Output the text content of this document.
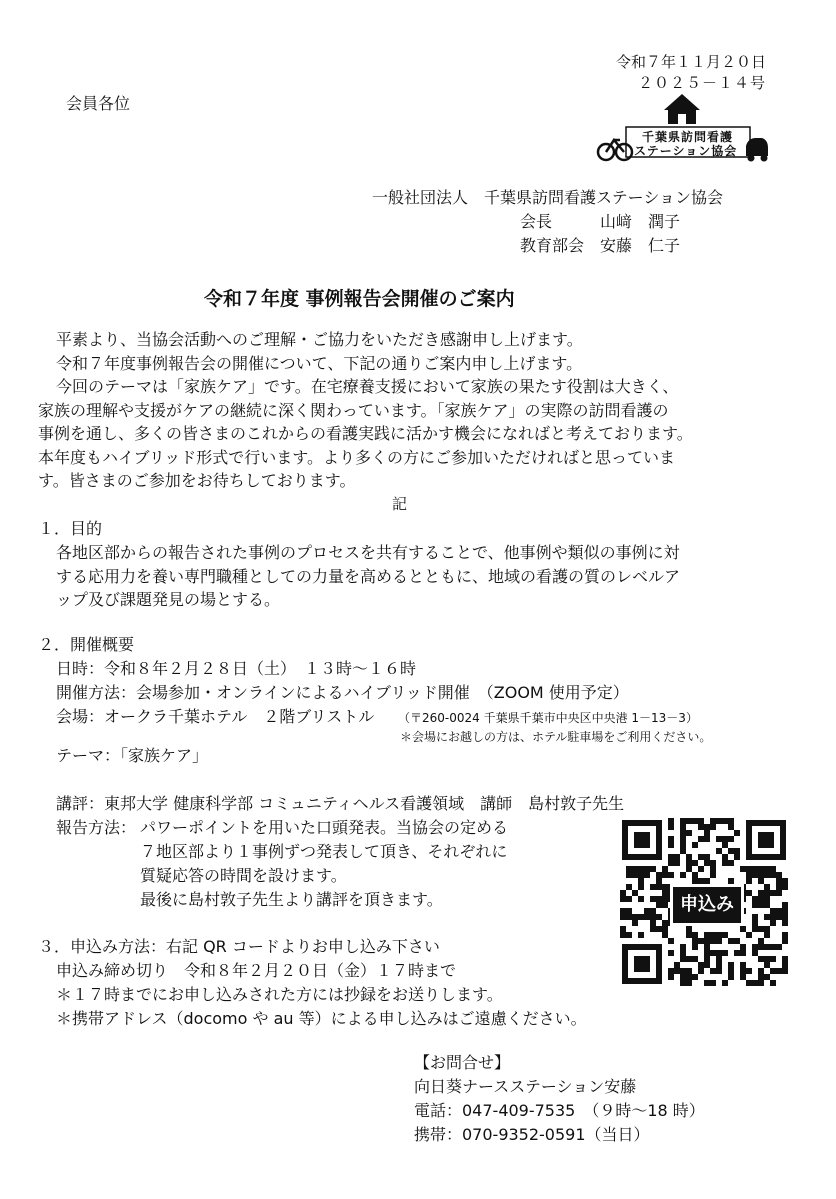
令和７年１１月２０日
２０２５－１４号
会員各位
千葉県訪問看護
ステーション協会
一般社団法人　千葉県訪問看護ステーション協会
会長	山﨑　潤子
教育部会 安藤　仁子
令和７年度 事例報告会開催のご案内
平素より、当協会活動へのご理解・ご協力をいただき感謝申し上げます。
令和７年度事例報告会の開催について、下記の通りご案内申し上げます。
今回のテーマは「家族ケア」です。在宅療養支援において家族の果たす役割は大きく、
家族の理解や支援がケアの継続に深く関わっています。「家族ケア」の実際の訪問看護の
事例を通し、多くの皆さまのこれからの看護実践に活かす機会になればと考えております。
本年度もハイブリッド形式で行います。より多くの方にご参加いただければと思っていま
す。皆さまのご参加をお待ちしております。
記
１．目的
各地区部からの報告された事例のプロセスを共有することで、他事例や類似の事例に対
する応用力を養い専門職種としての力量を高めるとともに、地域の看護の質のレベルア
ップ及び課題発見の場とする。
２．開催概要
日時：令和８年２月２８日（土）　１３時～１６時
開催方法：会場参加・オンラインによるハイブリッド開催　（ZOOM 使用予定）
会場：オークラ千葉ホテル　２階ブリストル （〒260-0024 千葉県千葉市中央区中央港 1－13－3）
＊会場にお越しの方は、ホテル駐車場をご利用ください。
テーマ：「家族ケア」
講評：東邦大学 健康科学部 コミュニティヘルス看護領域　講師　島村敦子先生
報告方法： パワーポイントを用いた口頭発表。当協会の定める
７地区部より１事例ずつ発表して頂き、それぞれに
質疑応答の時間を設けます。
最後に島村敦子先生より講評を頂きます。	申込み
３．申込み方法：右記 QR コードよりお申し込み下さい
申込み締め切り　令和８年２月２０日（金）１７時まで
＊１７時までにお申し込みされた方には抄録をお送りします。
＊携帯アドレス（docomo や au 等）による申し込みはご遠慮ください。
【お問合せ】
向日葵ナースステーション安藤
電話：047-409-7535　（９時～18 時）
携帯：070-9352-0591（当日）
